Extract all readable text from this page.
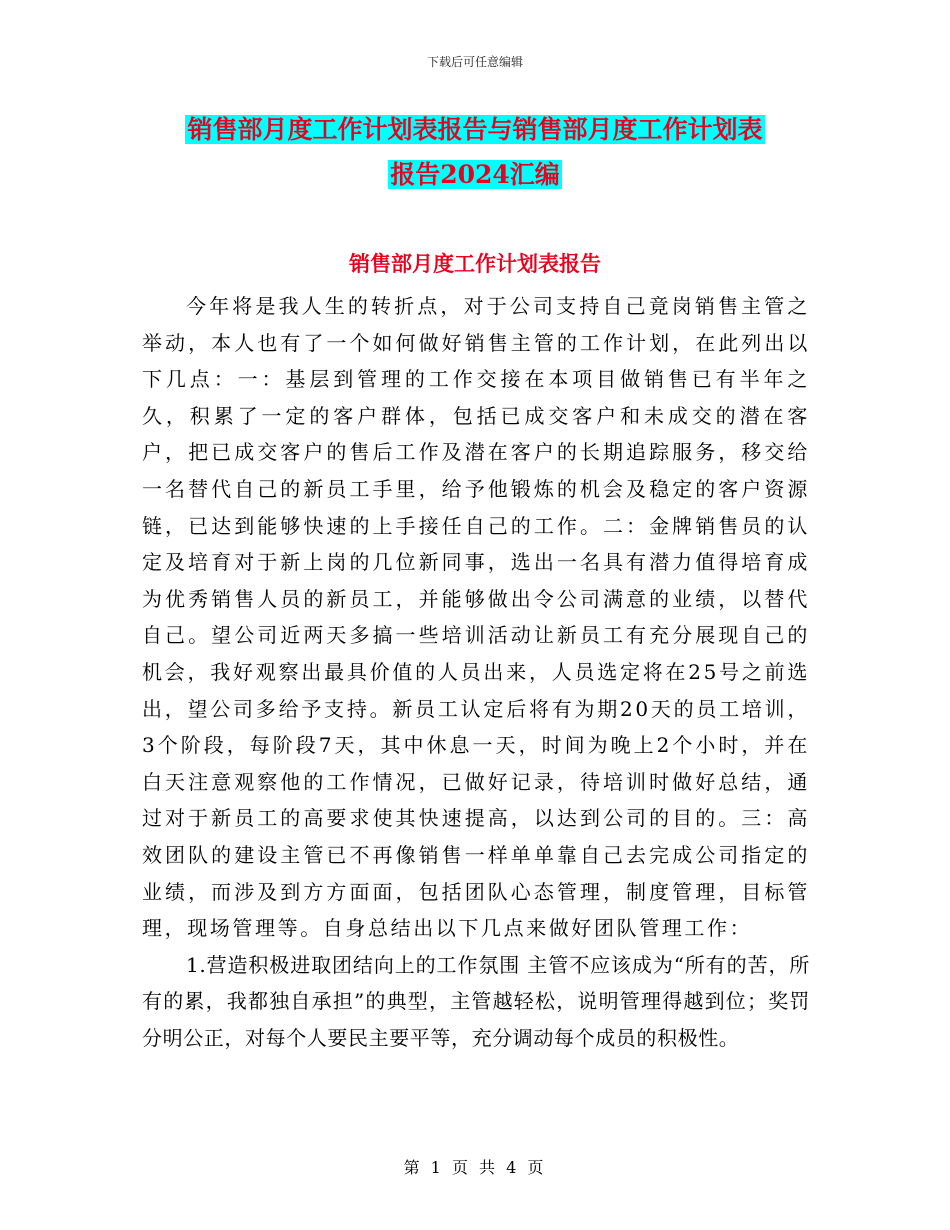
下载后可任意编辑
销售部月度工作计划表报告与销售部月度工作计划表
报告2024汇编
销售部月度工作计划表报告

今年将是我人生的转折点，对于公司支持自己竟岗销售主管之举动，本人也有了一个如何做好销售主管的工作计划，在此列出以下几点：一：基层到管理的工作交接在本项目做销售已有半年之久，积累了一定的客户群体，包括已成交客户和未成交的潜在客户，把已成交客户的售后工作及潜在客户的长期追踪服务，移交给一名替代自己的新员工手里，给予他锻炼的机会及稳定的客户资源链，已达到能够快速的上手接任自己的工作。二：金牌销售员的认定及培育对于新上岗的几位新同事，选出一名具有潜力值得培育成为优秀销售人员的新员工，并能够做出令公司满意的业绩，以替代自己。望公司近两天多搞一些培训活动让新员工有充分展现自己的机会，我好观察出最具价值的人员出来，人员选定将在25号之前选出，望公司多给予支持。新员工认定后将有为期20天的员工培训，3个阶段，每阶段7天，其中休息一天，时间为晚上2个小时，并在白天注意观察他的工作情况，已做好记录，待培训时做好总结，通过对于新员工的高要求使其快速提高，以达到公司的目的。三：高效团队的建设主管已不再像销售一样单单靠自己去完成公司指定的业绩，而涉及到方方面面，包括团队心态管理，制度管理，目标管理，现场管理等。自身总结出以下几点来做好团队管理工作：

1.营造积极进取团结向上的工作氛围 主管不应该成为“所有的苦，所有的累，我都独自承担”的典型，主管越轻松，说明管理得越到位；奖罚分明公正，对每个人要民主要平等，充分调动每个成员的积极性。

第 1 页 共 4 页
